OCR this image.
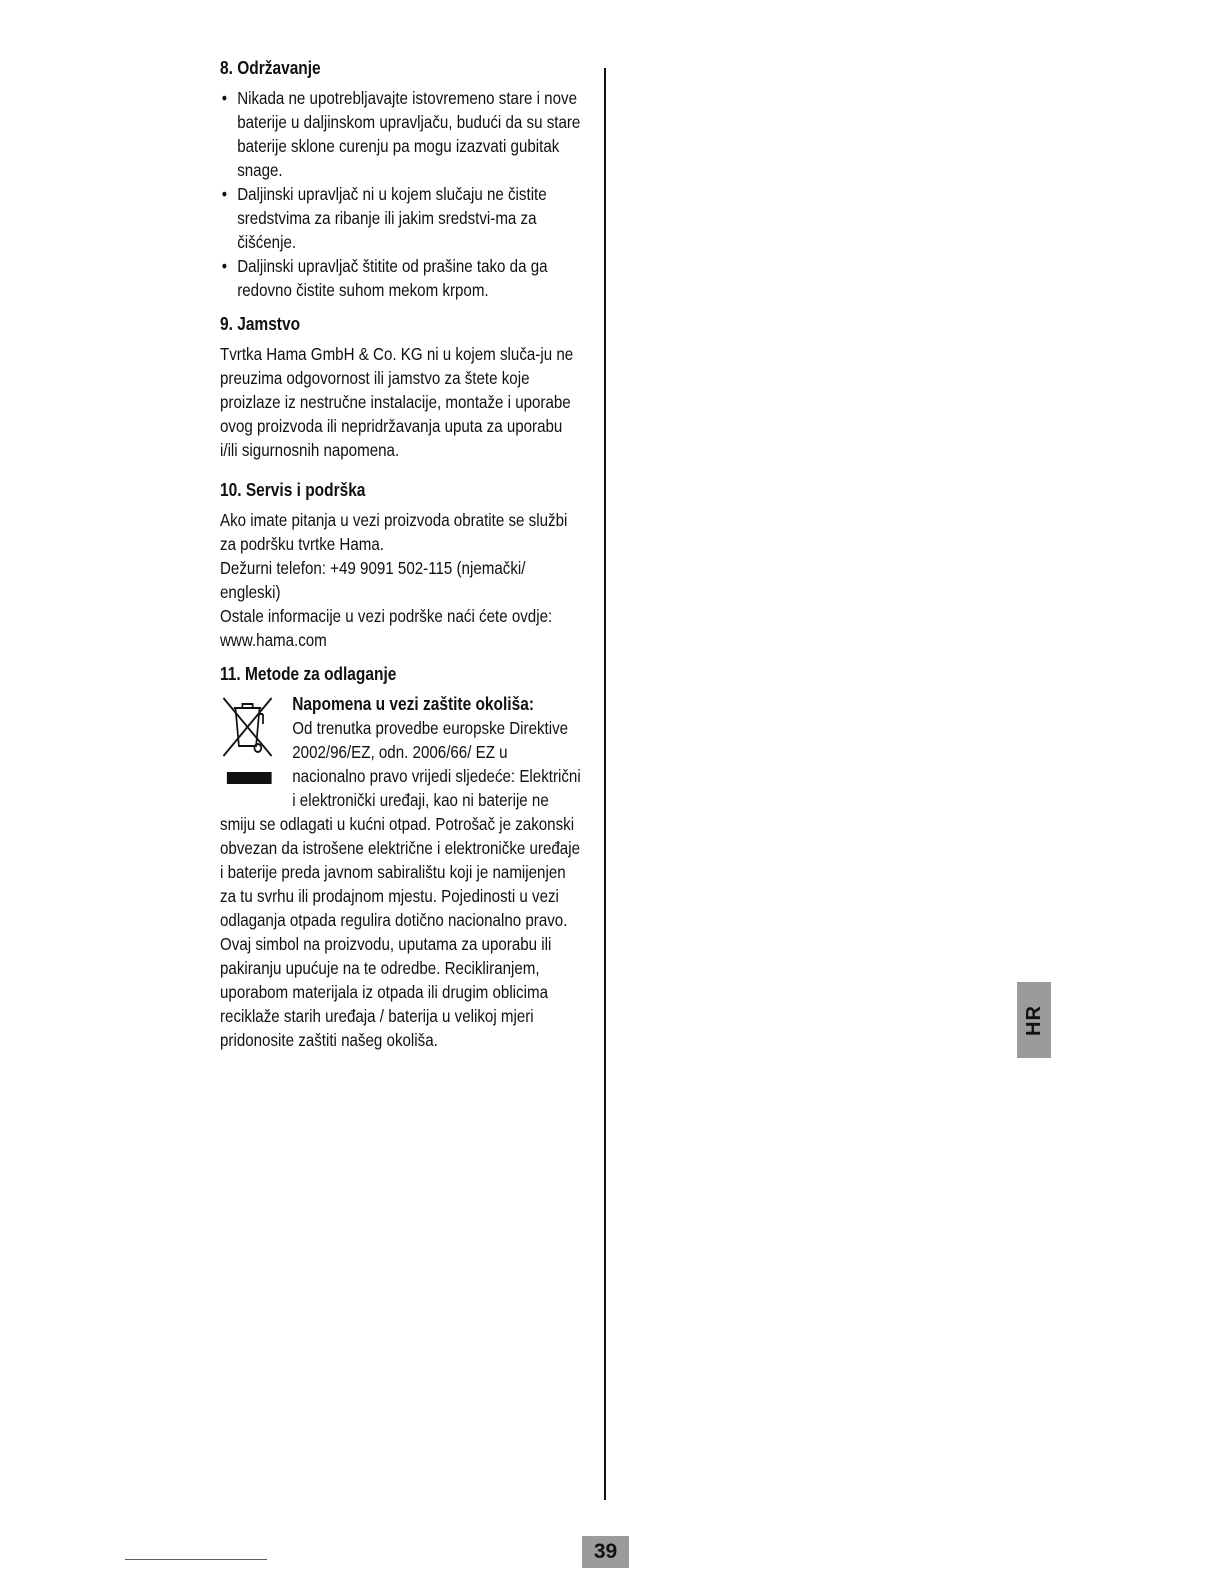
8. Održavanje
• Nikada ne upotrebljavajte istovremeno stare i nove baterije u daljinskom upravljaču, budući da su stare baterije sklone curenju pa mogu izazvati gubitak snage.
• Daljinski upravljač ni u kojem slučaju ne čistite sredstvima za ribanje ili jakim sredstvi-ma za čišćenje.
• Daljinski upravljač štitite od prašine tako da ga redovno čistite suhom mekom krpom.
9. Jamstvo

Tvrtka Hama GmbH & Co. KG ni u kojem sluča-ju ne preuzima odgovornost ili jamstvo za štete koje proizlaze iz nestručne instalacije, montaže i uporabe ovog proizvoda ili nepridržavanja uputa za uporabu i/ili sigurnosnih napomena.

10. Servis i podrška

Ako imate pitanja u vezi proizvoda obratite se službi za podršku tvrtke Hama.

Dežurni telefon: +49 9091 502-115 (njemački/ engleski)

Ostale informacije u vezi podrške naći ćete ovdje: www.hama.com

11. Metode za odlaganje

Napomena u vezi zaštite okoliša:
Od trenutka provedbe europske Direktive 2002/96/EZ, odn. 2006/66/ EZ u nacionalno pravo vrijedi sljedeće: Električni i elektronički uređaji, kao ni baterije ne smiju se odlagati u kućni otpad. Potrošač je zakonski obvezan da istrošene električne i elektroničke uređaje i baterije preda javnom sabiralištu koji je namijenjen za tu svrhu ili prodajnom mjestu. Pojedinosti u vezi odlaganja otpada regulira dotično nacionalno pravo. Ovaj simbol na proizvodu, uputama za uporabu ili pakiranju upućuje na te odredbe. Recikliranjem, uporabom materijala iz otpada ili drugim oblicima reciklaže starih uređaja / baterija u velikoj mjeri pridonosite zaštiti našeg okoliša.

HR
39
